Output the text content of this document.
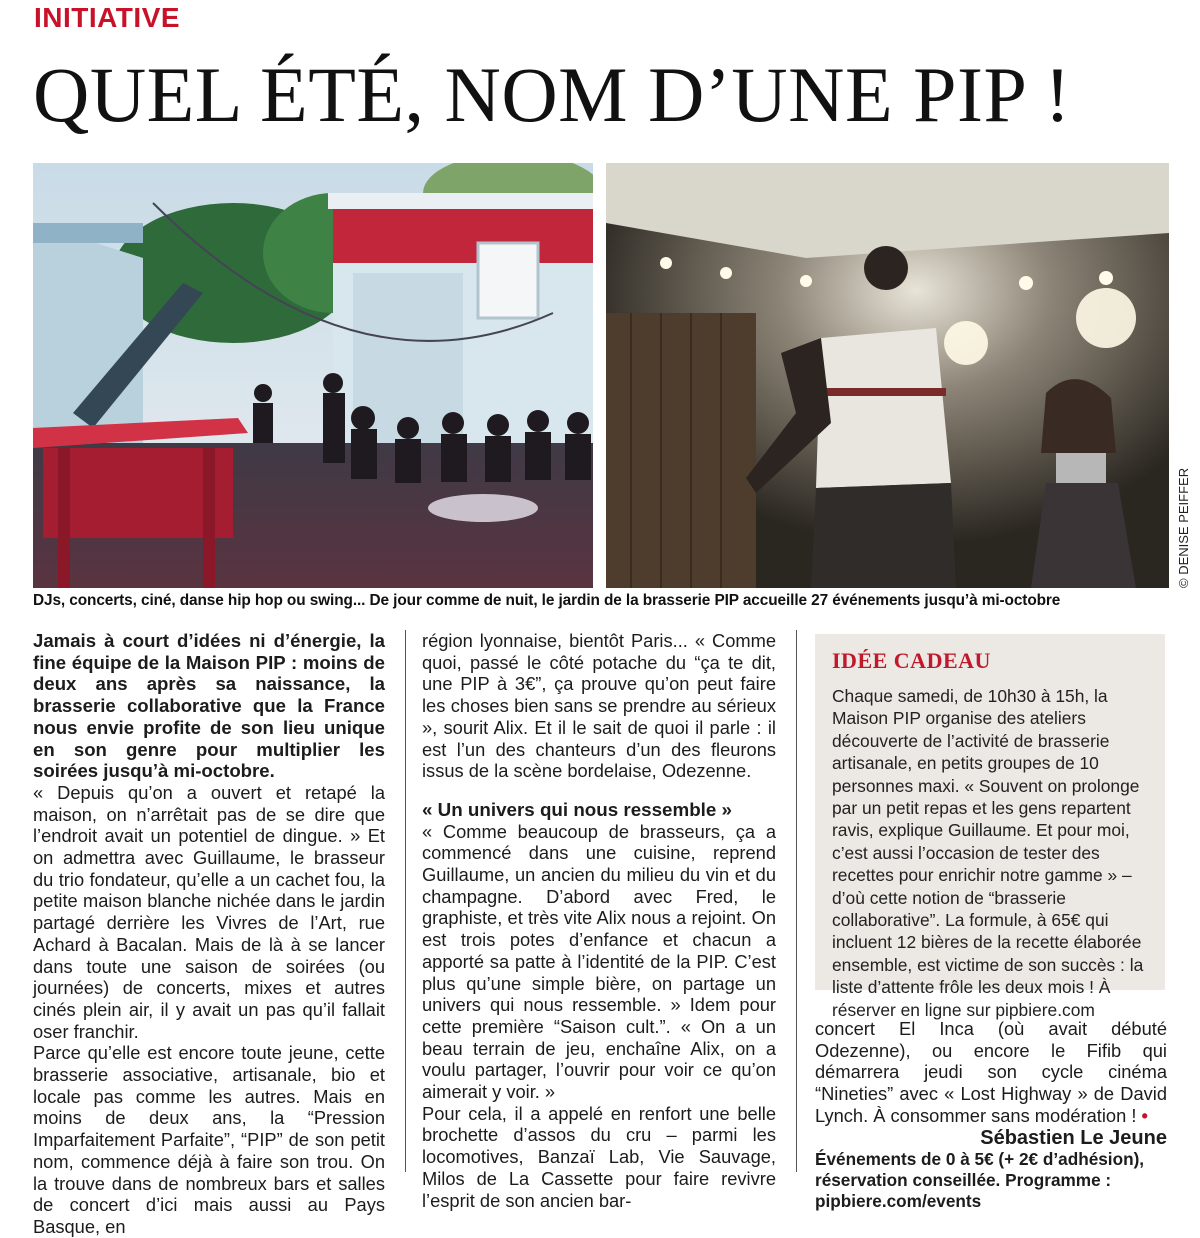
INITIATIVE
QUEL ÉTÉ, NOM D’UNE PIP !
© DENISE PEIFFER
DJs, concerts, ciné, danse hip hop ou swing... De jour comme de nuit, le jardin de la brasserie PIP accueille 27 événements jusqu’à mi-octobre

Jamais à court d’idées ni d’énergie, la fine équipe de la Maison PIP : moins de deux ans après sa naissance, la brasserie collaborative que la France nous envie profite de son lieu unique en son genre pour multiplier les soirées jusqu’à mi-octobre.

« Depuis qu’on a ouvert et retapé la maison, on n’arrêtait pas de se dire que l’endroit avait un potentiel de dingue. » Et on admettra avec Guillaume, le brasseur du trio fondateur, qu’elle a un cachet fou, la petite maison blanche nichée dans le jardin partagé derrière les Vivres de l’Art, rue Achard à Bacalan. Mais de là à se lancer dans toute une saison de soirées (ou journées) de concerts, mixes et autres cinés plein air, il y avait un pas qu’il fallait oser franchir.

Parce qu’elle est encore toute jeune, cette brasserie associative, artisanale, bio et locale pas comme les autres. Mais en moins de deux ans, la “Pression Imparfaitement Parfaite”, “PIP” de son petit nom, commence déjà à faire son trou. On la trouve dans de nombreux bars et salles de concert d’ici mais aussi au Pays Basque, en

région lyonnaise, bientôt Paris... « Comme quoi, passé le côté potache du “ça te dit, une PIP à 3€”, ça prouve qu’on peut faire les choses bien sans se prendre au sérieux », sourit Alix. Et il le sait de quoi il parle : il est l’un des chanteurs d’un des fleurons issus de la scène bordelaise, Odezenne.

« Un univers qui nous ressemble »

« Comme beaucoup de brasseurs, ça a commencé dans une cuisine, reprend Guillaume, un ancien du milieu du vin et du champagne. D’abord avec Fred, le graphiste, et très vite Alix nous a rejoint. On est trois potes d’enfance et chacun a apporté sa patte à l’identité de la PIP. C’est plus qu’une simple bière, on partage un univers qui nous ressemble. » Idem pour cette première “Saison cult.”. « On a un beau terrain de jeu, enchaîne Alix, on a voulu partager, l’ouvrir pour voir ce qu’on aimerait y voir. »

Pour cela, il a appelé en renfort une belle brochette d’assos du cru – parmi les locomotives, Banzaï Lab, Vie Sauvage, Milos de La Cassette pour faire revivre l’esprit de son ancien bar-

IDÉE CADEAU
Chaque samedi, de 10h30 à 15h, la Maison PIP organise des ateliers découverte de l’activité de brasserie artisanale, en petits groupes de 10 personnes maxi. « Souvent on prolonge par un petit repas et les gens repartent ravis, explique Guillaume. Et pour moi, c’est aussi l’occasion de tester des recettes pour enrichir notre gamme » – d’où cette notion de “brasserie collaborative”. La formule, à 65€ qui incluent 12 bières de la recette élaborée ensemble, est victime de son succès : la liste d’attente frôle les deux mois ! À réserver en ligne sur pipbiere.com

concert El Inca (où avait débuté Odezenne), ou encore le Fifib qui démarrera jeudi son cycle cinéma “Nineties” avec « Lost Highway » de David Lynch. À consommer sans modération ! •

Sébastien Le Jeune
Événements de 0 à 5€ (+ 2€ d’adhésion), réservation conseillée. Programme : pipbiere.com/events
